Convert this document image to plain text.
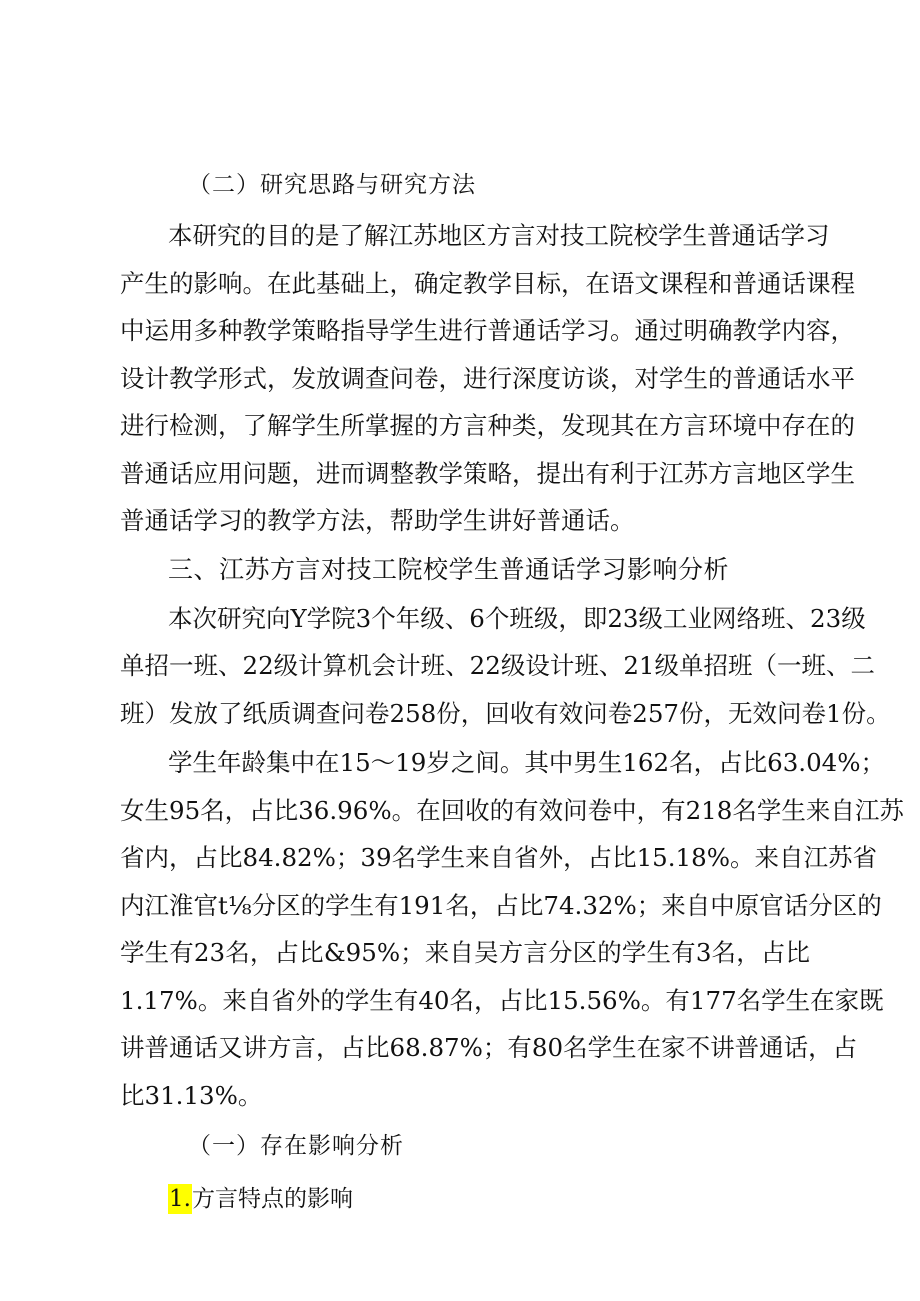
（二）研究思路与研究方法
本研究的目的是了解江苏地区方言对技工院校学生普通话学习
产生的影响。在此基础上，确定教学目标，在语文课程和普通话课程
中运用多种教学策略指导学生进行普通话学习。通过明确教学内容，
设计教学形式，发放调查问卷，进行深度访谈，对学生的普通话水平
进行检测，了解学生所掌握的方言种类，发现其在方言环境中存在的
普通话应用问题，进而调整教学策略，提出有利于江苏方言地区学生
普通话学习的教学方法，帮助学生讲好普通话。
三、江苏方言对技工院校学生普通话学习影响分析
本次研究向Y学院3个年级、6个班级，即23级工业网络班、23级
单招一班、22级计算机会计班、22级设计班、21级单招班（一班、二
班）发放了纸质调查问卷258份，回收有效问卷257份，无效问卷1份。
学生年龄集中在15～19岁之间。其中男生162名，占比63.04%；
女生95名，占比36.96%。在回收的有效问卷中，有218名学生来自江苏
省内，占比84.82%；39名学生来自省外，占比15.18%。来自江苏省
内江淮官t⅛分区的学生有191名，占比74.32%；来自中原官话分区的
学生有23名，占比&95%；来自吴方言分区的学生有3名，占比
1.17%。来自省外的学生有40名，占比15.56%。有177名学生在家既
讲普通话又讲方言，占比68.87%；有80名学生在家不讲普通话，占
比31.13%。
（一）存在影响分析
1.方言特点的影响
